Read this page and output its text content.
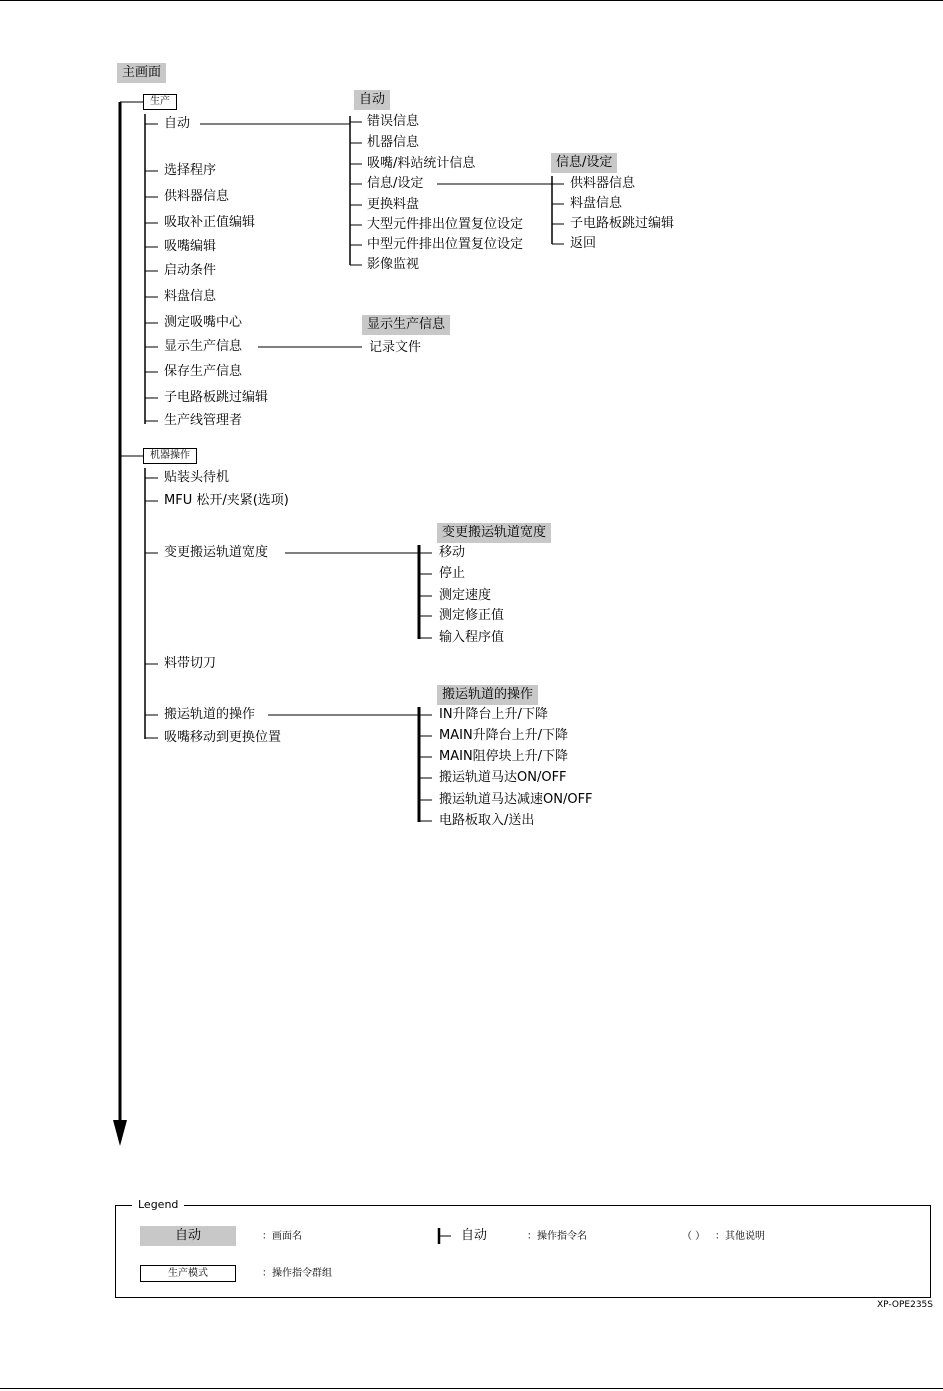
主画面
生产
自动
选择程序
供料器信息
吸取补正值编辑
吸嘴编辑
启动条件
料盘信息
测定吸嘴中心
显示生产信息
保存生产信息
子电路板跳过编辑
生产线管理者
自动
错误信息
机器信息
吸嘴/料站统计信息
信息/设定
更换料盘
大型元件排出位置复位设定
中型元件排出位置复位设定
影像监视
信息/设定
供料器信息
料盘信息
子电路板跳过编辑
返回
显示生产信息
记录文件
机器操作
贴装头待机
MFU 松开/夹紧(选项)
变更搬运轨道宽度
料带切刀
搬运轨道的操作
吸嘴移动到更换位置
变更搬运轨道宽度
移动
停止
测定速度
测定修正值
输入程序值
搬运轨道的操作
IN升降台上升/下降
MAIN升降台上升/下降
MAIN阻停块上升/下降
搬运轨道马达ON/OFF
搬运轨道马达减速ON/OFF
电路板取入/送出
Legend
自动	：画面名	自动	：操作指令名	（ ） ：其他说明
生产模式	：操作指令群组
XP-OPE235S
